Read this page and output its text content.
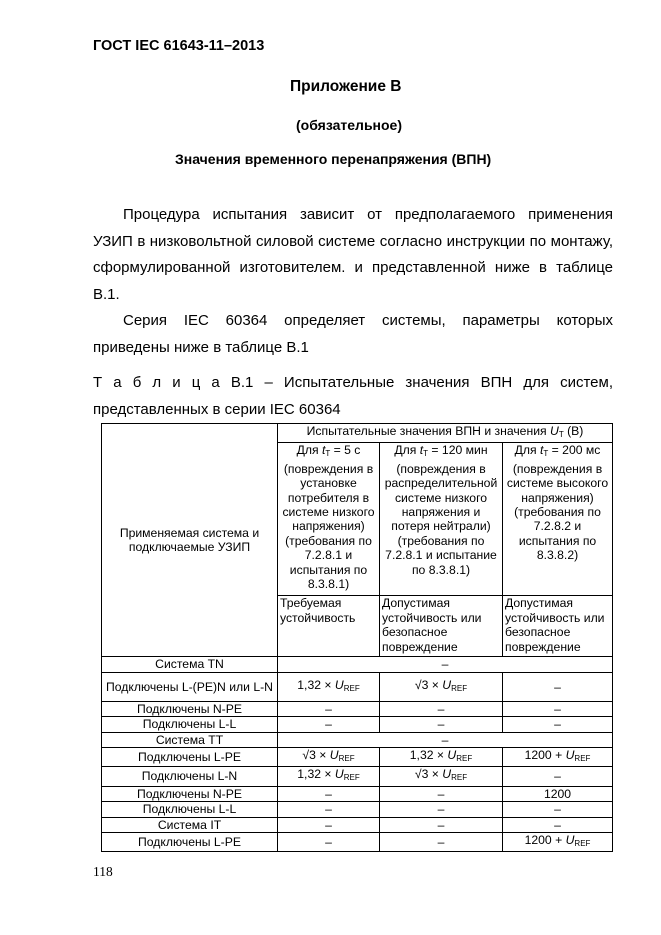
ГОСТ IEC 61643-11–2013
Приложение В
(обязательное)
Значения временного перенапряжения (ВПН)
Процедура испытания зависит от предполагаемого применения УЗИП в низковольтной силовой системе согласно инструкции по монтажу, сформулированной изготовителем. и представленной ниже в таблице В.1.
Серия IEC 60364 определяет системы, параметры которых приведены ниже в таблице В.1
Т а б л и ц а В.1 – Испытательные значения ВПН для систем, представленных в серии IEC 60364
Применяемая система и подключаемые УЗИП	Испытательные значения ВПН и значения $U_T$ (В)		
	Для $t_T = 5$ с (повреждения в установке потребителя в системе низкого напряжения) (требования по 7.2.8.1 и испытания по 8.3.8.1)	Для $t_T = 120$ мин (повреждения в распределительной системе низкого напряжения и потеря нейтрали) (требования по 7.2.8.1 и испытание по 8.3.8.1)	Для $t_T = 200$ мс (повреждения в системе высокого напряжения) (требования по 7.2.8.2 и испытания по 8.3.8.2)
	Требуемая устойчивость	Допустимая устойчивость или безопасное повреждение	Допустимая устойчивость или безопасное повреждение
Система TN	–		
Подключены L-(PE)N или L-N	$1,32 \times U_{REF}$	$√3 \times U_{REF}$	–
Подключены N-PE	–	–	–
Подключены L-L	–	–	–
Система TT	–		
Подключены L-PE	$√3 \times U_{REF}$	$1,32 \times U_{REF}$	$1200 + U_{REF}$
Подключены L-N	$1,32 \times U_{REF}$	$√3 \times U_{REF}$	–
Подключены N-PE	–	–	1200
Подключены L-L	–	–	–
Система IT	–	–	–
Подключены L-PE	–	–	$1200 + U_{REF}$
118
